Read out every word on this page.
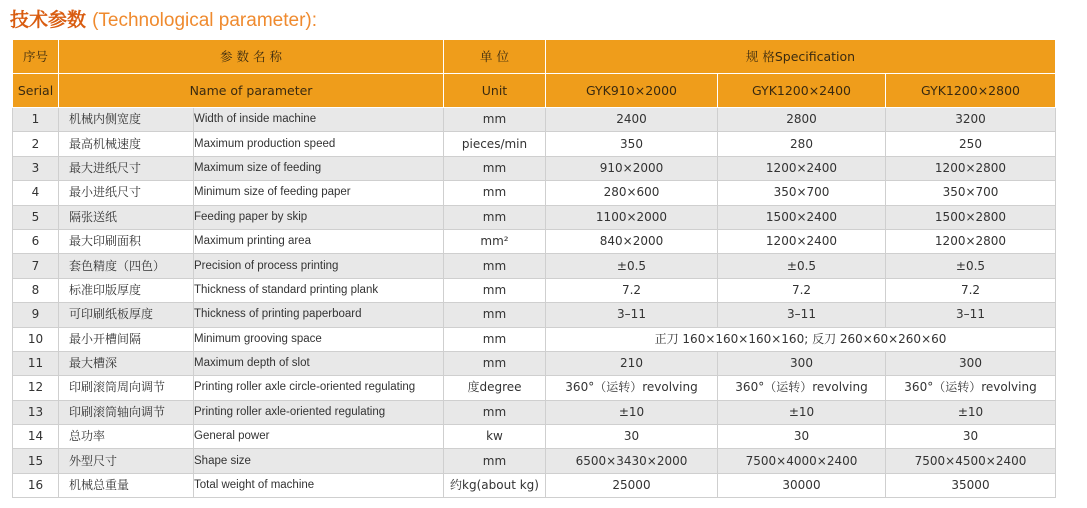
技术参数 (Technological parameter):
序号	参 数 名 称		单 位	规 格Specification		
Serial	Name of parameter		Unit	GYK910×2000	GYK1200×2400	GYK1200×2800
1	机械内侧宽度	Width of inside machine	mm	2400	2800	3200
2	最高机械速度	Maximum production speed	pieces/min	350	280	250
3	最大进纸尺寸	Maximum size of feeding	mm	910×2000	1200×2400	1200×2800
4	最小进纸尺寸	Minimum size of feeding paper	mm	280×600	350×700	350×700
5	隔张送纸	Feeding paper by skip	mm	1100×2000	1500×2400	1500×2800
6	最大印刷面积	Maximum printing area	mm²	840×2000	1200×2400	1200×2800
7	套色精度（四色）	Precision of process printing	mm	±0.5	±0.5	±0.5
8	标准印版厚度	Thickness of standard printing plank	mm	7.2	7.2	7.2
9	可印刷纸板厚度	Thickness of printing paperboard	mm	3–11	3–11	3–11
10	最小开槽间隔	Minimum grooving space	mm	正刀 160×160×160×160; 反刀 260×60×260×60		
11	最大槽深	Maximum depth of slot	mm	210	300	300
12	印刷滚筒周向调节	Printing roller axle circle-oriented regulating	度degree	360°（运转）revolving	360°（运转）revolving	360°（运转）revolving
13	印刷滚筒轴向调节	Printing roller axle-oriented regulating	mm	±10	±10	±10
14	总功率	General power	kw	30	30	30
15	外型尺寸	Shape size	mm	6500×3430×2000	7500×4000×2400	7500×4500×2400
16	机械总重量	Total weight of machine	约kg(about kg)	25000	30000	35000
